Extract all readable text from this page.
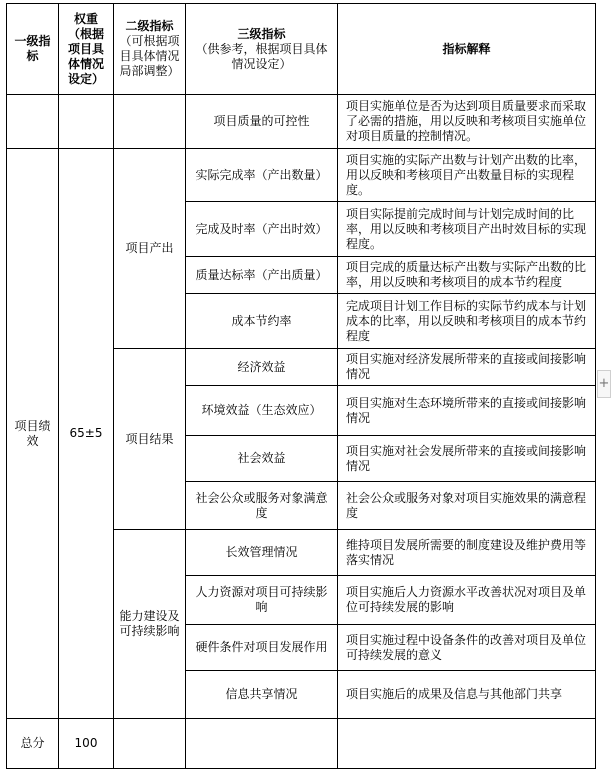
一级指标	权重（根据项目具体情况设定）	二级指标
（可根据项目具体情况局部调整）	三级指标
（供参考，根据项目具体情况设定）	指标解释
			项目质量的可控性	项目实施单位是否为达到项目质量要求而采取了必需的措施，用以反映和考核项目实施单位对项目质量的控制情况。
项目绩效	65±5	项目产出	实际完成率（产出数量）	项目实施的实际产出数与计划产出数的比率，用以反映和考核项目产出数量目标的实现程度。
			完成及时率（产出时效）	项目实际提前完成时间与计划完成时间的比率，用以反映和考核项目产出时效目标的实现程度。
			质量达标率（产出质量）	项目完成的质量达标产出数与实际产出数的比率，用以反映和考核项目的成本节约程度
			成本节约率	完成项目计划工作目标的实际节约成本与计划成本的比率，用以反映和考核项目的成本节约程度
		项目结果	经济效益	项目实施对经济发展所带来的直接或间接影响情况
			环境效益（生态效应）	项目实施对生态环境所带来的直接或间接影响情况
			社会效益	项目实施对社会发展所带来的直接或间接影响情况
			社会公众或服务对象满意度	社会公众或服务对象对项目实施效果的满意程度
		能力建设及可持续影响	长效管理情况	维持项目发展所需要的制度建设及维护费用等落实情况
			人力资源对项目可持续影响	项目实施后人力资源水平改善状况对项目及单位可持续发展的影响
			硬件条件对项目发展作用	项目实施过程中设备条件的改善对项目及单位可持续发展的意义
			信息共享情况	项目实施后的成果及信息与其他部门共享
总分	100			
+
